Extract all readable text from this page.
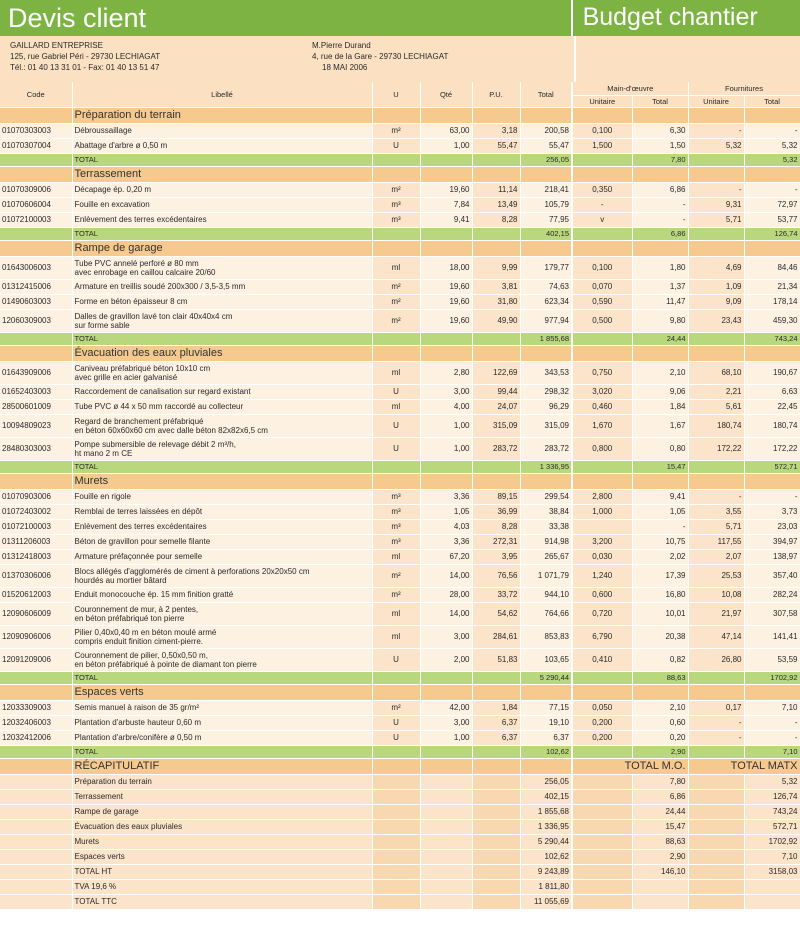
Devis client	Budget chantier
GAILLARD ENTREPRISE
125, rue Gabriel Péri - 29730 LECHIAGAT
Tél.: 01 40 13 31 01 - Fax: 01 40 13 51 47
M.Pierre Durand
4, rue de la Gare - 29730 LECHIAGAT
18 MAI 2006
Code	Libellé	U	Qté	P.U.	Total	Main-d'œuvre		Fournitures	
						Unitaire	Total	Unitaire	Total
	Préparation du terrain								
01070303003	Débroussaillage	m²	63,00	3,18	200,58	0,100	6,30	-	-
01070307004	Abattage d'arbre ø 0,50 m	U	1,00	55,47	55,47	1,500	1,50	5,32	5,32
	TOTAL				256,05		7,80		5,32
	Terrassement								
01070309006	Décapage ép. 0,20 m	m²	19,60	11,14	218,41	0,350	6,86	-	-
01070606004	Fouille en excavation	m³	7,84	13,49	105,79	-	-	9,31	72,97
01072100003	Enlèvement des terres excédentaires	m³	9,41	8,28	77,95	v	-	5,71	53,77
	TOTAL				402,15		6,86		126,74
	Rampe de garage								
01643006003	Tube PVC annelé perforé ø 80 mm
avec enrobage en caillou calcaire 20/60	ml	18,00	9,99	179,77	0,100	1,80	4,69	84,46
01312415006	Armature en treillis soudé 200x300 / 3,5-3,5 mm	m²	19,60	3,81	74,63	0,070	1,37	1,09	21,34
01490603003	Forme en béton épaisseur 8 cm	m²	19,60	31,80	623,34	0,590	11,47	9,09	178,14
12060309003	Dalles de gravillon lavé ton clair 40x40x4 cm
sur forme sable	m²	19,60	49,90	977,94	0,500	9,80	23,43	459,30
	TOTAL				1 855,68		24,44		743,24
	Évacuation des eaux pluviales								
01643909006	Caniveau préfabriqué béton 10x10 cm
avec grille en acier galvanisé	ml	2,80	122,69	343,53	0,750	2,10	68,10	190,67
01652403003	Raccordement de canalisation sur regard existant	U	3,00	99,44	298,32	3,020	9,06	2,21	6,63
28500601009	Tube PVC ø 44 x 50 mm raccordé au collecteur	ml	4,00	24,07	96,29	0,460	1,84	5,61	22,45
10094809023	Regard de branchement préfabriqué
en béton 60x60x60 cm avec dalle béton 82x82x6,5 cm	U	1,00	315,09	315,09	1,670	1,67	180,74	180,74
28480303003	Pompe submersible de relevage débit 2 m³/h,
ht mano 2 m CE	U	1,00	283,72	283,72	0,800	0,80	172,22	172,22
	TOTAL				1 336,95		15,47		572,71
	Murets								
01070903006	Fouille en rigole	m³	3,36	89,15	299,54	2,800	9,41	-	-
01072403002	Remblai de terres laissées en dépôt	m³	1,05	36,99	38,84	1,000	1,05	3,55	3,73
01072100003	Enlèvement des terres excédentaires	m³	4,03	8,28	33,38		-	5,71	23,03
01311206003	Béton de gravillon pour semelle filante	m³	3,36	272,31	914,98	3,200	10,75	117,55	394,97
01312418003	Armature préfaçonnée pour semelle	ml	67,20	3,95	265,67	0,030	2,02	2,07	138,97
01370306006	Blocs allégés d'agglomérés de ciment à perforations 20x20x50 cm
hourdés au mortier bâtard	m²	14,00	76,56	1 071,79	1,240	17,39	25,53	357,40
01520612003	Enduit monocouche ép. 15 mm finition gratté	m²	28,00	33,72	944,10	0,600	16,80	10,08	282,24
12090606009	Couronnement de mur, à 2 pentes,
en béton préfabriqué ton pierre	ml	14,00	54,62	764,66	0,720	10,01	21,97	307,58
12090906006	Pilier 0,40x0,40 m en béton moulé armé
compris enduit finition ciment-pierre.	ml	3,00	284,61	853,83	6,790	20,38	47,14	141,41
12091209006	Couronnement de pilier, 0,50x0,50 m,
en béton préfabriqué à pointe de diamant ton pierre	U	2,00	51,83	103,65	0,410	0,82	26,80	53,59
	TOTAL				5 290,44		88,63		1702,92
	Espaces verts								
12033309003	Semis manuel à raison de 35 gr/m²	m²	42,00	1,84	77,15	0,050	2,10	0,17	7,10
12032406003	Plantation d'arbuste hauteur 0,60 m	U	3,00	6,37	19,10	0,200	0,60	-	-
12032412006	Plantation d'arbre/conifère ø 0,50 m	U	1,00	6,37	6,37	0,200	0,20	-	-
	TOTAL				102,62		2,90		7,10
	RÉCAPITULATIF					TOTAL M.O.		TOTAL MATX	
	Préparation du terrain				256,05		7,80		5,32
	Terrassement				402,15		6,86		126,74
	Rampe de garage				1 855,68		24,44		743,24
	Évacuation des eaux pluviales				1 336,95		15,47		572,71
	Murets				5 290,44		88,63		1702,92
	Espaces verts				102,62		2,90		7,10
	TOTAL HT				9 243,89		146,10		3158,03
	TVA 19,6 %				1 811,80				
	TOTAL TTC				11 055,69				
